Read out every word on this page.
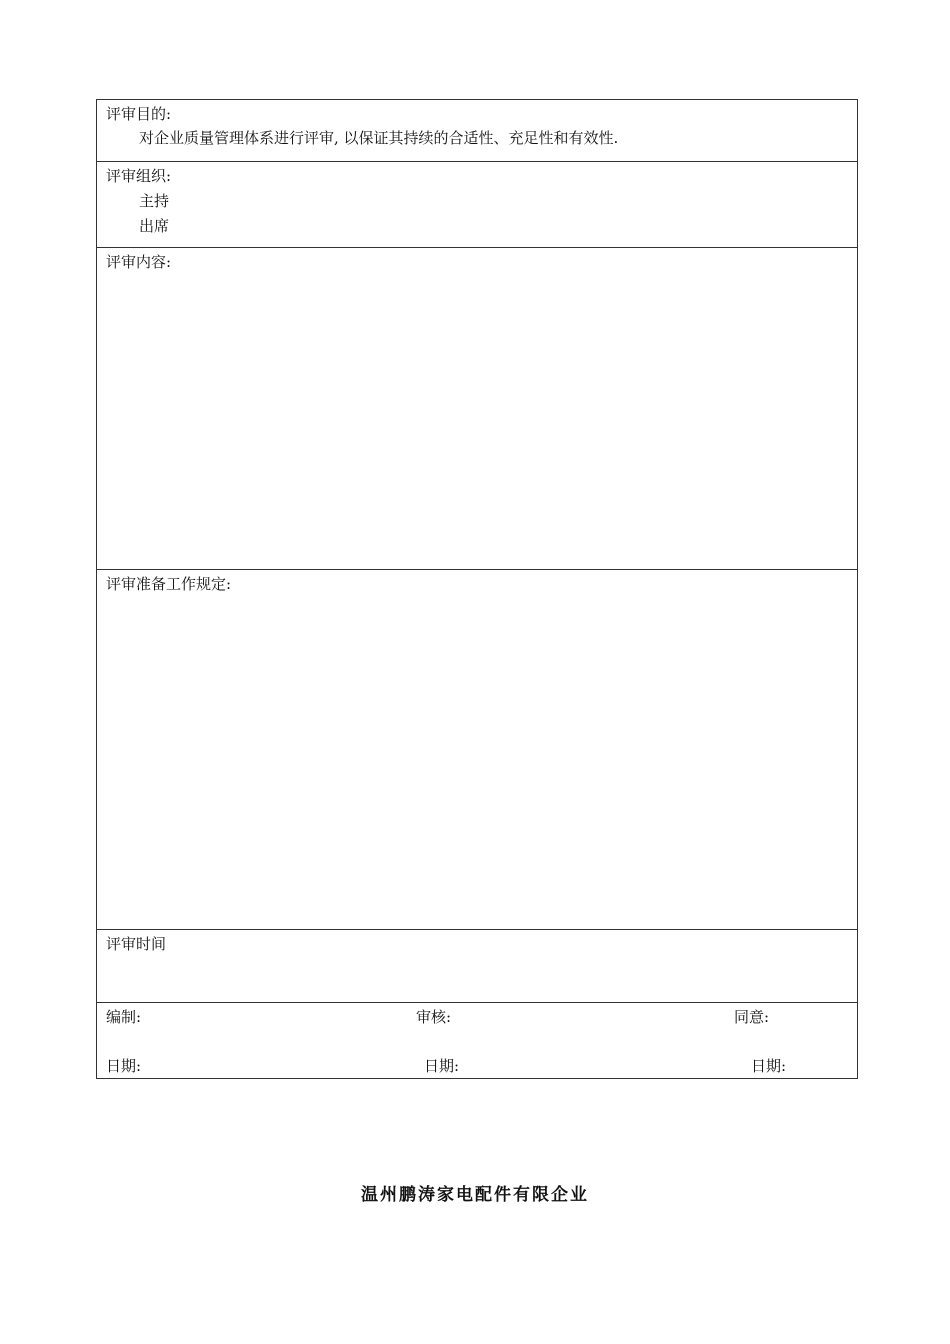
评审目的:
对企业质量管理体系进行评审, 以保证其持续的合适性、充足性和有效性.
评审组织:
主持
出席
评审内容:
评审准备工作规定:
评审时间
编制:	审核:	同意:
日期:	日期:	日期:
温州鹏涛家电配件有限企业
